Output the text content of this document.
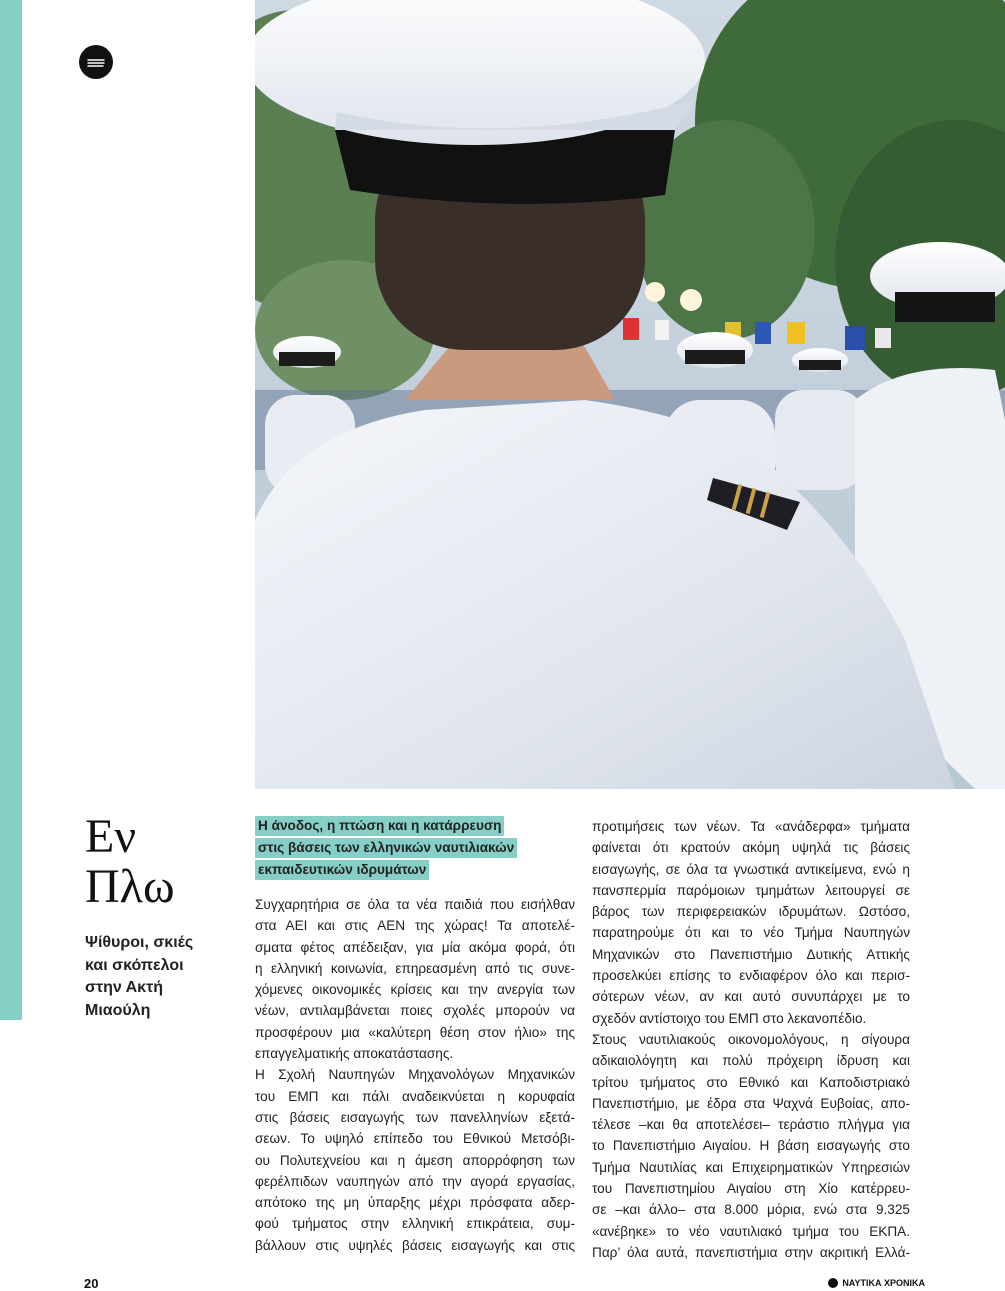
Εν
Πλω
Ψίθυροι, σκιές
και σκόπελοι
στην Ακτή
Μιαούλη
Η άνοδος, η πτώση και η κατάρρευση
στις βάσεις των ελληνικών ναυτιλιακών
εκπαιδευτικών ιδρυμάτων

Συγχαρητήρια σε όλα τα νέα παιδιά που εισήλθαν

στα ΑΕΙ και στις ΑΕΝ της χώρας! Τα αποτελέ-

σματα φέτος απέδειξαν, για μία ακόμα φορά, ότι

η ελληνική κοινωνία, επηρεασμένη από τις συνε-

χόμενες οικονομικές κρίσεις και την ανεργία των

νέων, αντιλαμβάνεται ποιες σχολές μπορούν να

προσφέρουν μια «καλύτερη θέση στον ήλιο» της

επαγγελματικής αποκατάστασης.

Η Σχολή Ναυπηγών Μηχανολόγων Μηχανικών

του ΕΜΠ και πάλι αναδεικνύεται η κορυφαία

στις βάσεις εισαγωγής των πανελληνίων εξετά-

σεων. Το υψηλό επίπεδο του Εθνικού Μετσόβι-

ου Πολυτεχνείου και η άμεση απορρόφηση των

φερέλπιδων ναυπηγών από την αγορά εργασίας,

απότοκο της μη ύπαρξης μέχρι πρόσφατα αδερ-

φού τμήματος στην ελληνική επικράτεια, συμ-

βάλλουν στις υψηλές βάσεις εισαγωγής και στις

προτιμήσεις των νέων. Τα «ανάδερφα» τμήματα

φαίνεται ότι κρατούν ακόμη υψηλά τις βάσεις

εισαγωγής, σε όλα τα γνωστικά αντικείμενα, ενώ η

πανσπερμία παρόμοιων τμημάτων λειτουργεί σε

βάρος των περιφερειακών ιδρυμάτων. Ωστόσο,

παρατηρούμε ότι και το νέο Τμήμα Ναυπηγών

Μηχανικών στο Πανεπιστήμιο Δυτικής Αττικής

προσελκύει επίσης το ενδιαφέρον όλο και περισ-

σότερων νέων, αν και αυτό συνυπάρχει με το

σχεδόν αντίστοιχο του ΕΜΠ στο λεκανοπέδιο.

Στους ναυτιλιακούς οικονομολόγους, η σίγουρα

αδικαιολόγητη και πολύ πρόχειρη ίδρυση και

τρίτου τμήματος στο Εθνικό και Καποδιστριακό

Πανεπιστήμιο, με έδρα στα Ψαχνά Ευβοίας, απο-

τέλεσε –και θα αποτελέσει– τεράστιο πλήγμα για

το Πανεπιστήμιο Αιγαίου. Η βάση εισαγωγής στο

Τμήμα Ναυτιλίας και Επιχειρηματικών Υπηρεσιών

του Πανεπιστημίου Αιγαίου στη Χίο κατέρρευ-

σε –και άλλο– στα 8.000 μόρια, ενώ στα 9.325

«ανέβηκε» το νέο ναυτιλιακό τμήμα του ΕΚΠΑ.

Παρ’ όλα αυτά, πανεπιστήμια στην ακριτική Ελλά-

20	ΝΑΥΤΙΚΑ ΧΡΟΝΙΚΑ
